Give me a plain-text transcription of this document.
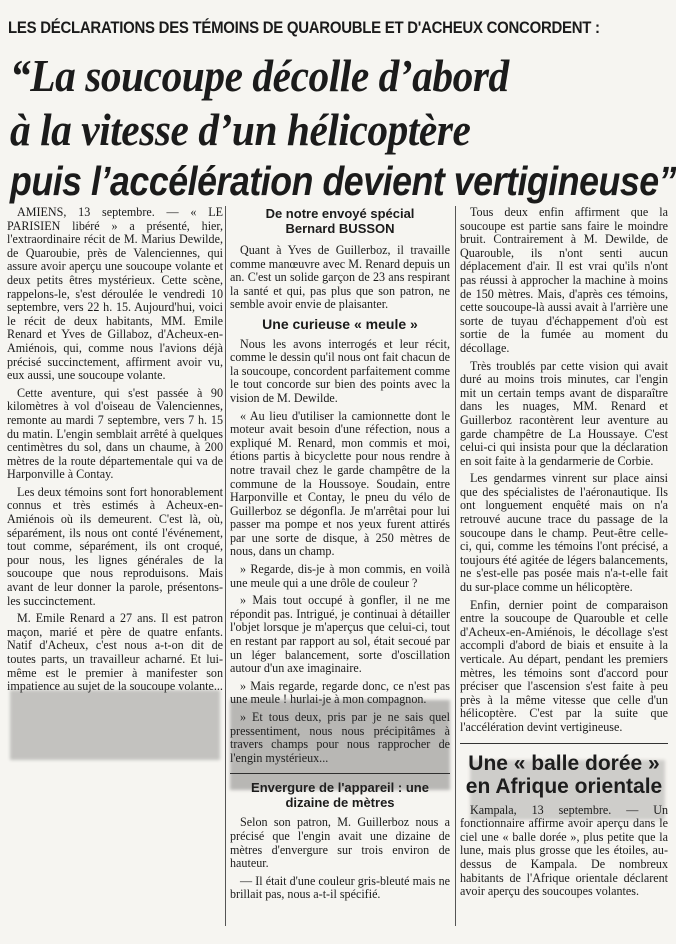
LES DÉCLARATIONS DES TÉMOINS DE QUAROUBLE ET D'ACHEUX CONCORDENT :
“La soucoupe décolle d’abord
à la vitesse d’un hélicoptère
puis l’accélération devient vertigineuse”

AMIENS, 13 septembre. — « LE PARISIEN libéré » a présenté, hier, l'extraordinaire récit de M. Marius Dewilde, de Quaroubie, près de Valenciennes, qui assure avoir aperçu une soucoupe volante et deux petits êtres mystérieux. Cette scène, rappelons-le, s'est déroulée le vendredi 10 septembre, vers 22 h. 15. Aujourd'hui, voici le récit de deux habitants, MM. Emile Renard et Yves de Gillaboz, d'Acheux-en-Amiénois, qui, comme nous l'avions déjà précisé succinctement, affirment avoir vu, eux aussi, une soucoupe volante.

Cette aventure, qui s'est passée à 90 kilomètres à vol d'oiseau de Valenciennes, remonte au mardi 7 septembre, vers 7 h. 15 du matin. L'engin semblait arrêté à quelques centimètres du sol, dans un chaume, à 200 mètres de la route départementale qui va de Harponville à Contay.

Les deux témoins sont fort honorablement connus et très estimés à Acheux-en-Amiénois où ils demeurent. C'est là, où, séparément, ils nous ont conté l'événement, tout comme, séparément, ils ont croqué, pour nous, les lignes générales de la soucoupe que nous reproduisons. Mais avant de leur donner la parole, présentons-les succinctement.

M. Emile Renard a 27 ans. Il est patron maçon, marié et père de quatre enfants. Natif d'Acheux, c'est nous a-t-on dit de toutes parts, un travailleur acharné. Et lui-même est le premier à manifester son impatience au sujet de la soucoupe volante...

De notre envoyé spécial
Bernard BUSSON

Quant à Yves de Guillerboz, il travaille comme manœuvre avec M. Renard depuis un an. C'est un solide garçon de 23 ans respirant la santé et qui, pas plus que son patron, ne semble avoir envie de plaisanter.

Une curieuse « meule »

Nous les avons interrogés et leur récit, comme le dessin qu'il nous ont fait chacun de la soucoupe, concordent parfaitement comme le tout concorde sur bien des points avec la vision de M. Dewilde.

« Au lieu d'utiliser la camionnette dont le moteur avait besoin d'une réfection, nous a expliqué M. Renard, mon commis et moi, étions partis à bicyclette pour nous rendre à notre travail chez le garde champêtre de la commune de la Houssoye. Soudain, entre Harponville et Contay, le pneu du vélo de Guillerboz se dégonfla. Je m'arrêtai pour lui passer ma pompe et nos yeux furent attirés par une sorte de disque, à 250 mètres de nous, dans un champ.

» Regarde, dis-je à mon commis, en voilà une meule qui a une drôle de couleur ?

» Mais tout occupé à gonfler, il ne me répondit pas. Intrigué, je continuai à détailler l'objet lorsque je m'aperçus que celui-ci, tout en restant par rapport au sol, était secoué par un léger balancement, sorte d'oscillation autour d'un axe imaginaire.

» Mais regarde, regarde donc, ce n'est pas

dizaine de mètres

Selon son patron, M. Guillerboz nous a précisé que l'engin avait une dizaine de mètres d'envergure sur trois environ de hauteur.

— Il était d'une couleur gris-bleuté mais ne brillait pas, nous a-t-il spécifié.

Tous deux enfin affirment que la soucoupe est partie sans faire le moindre bruit. Contrairement à M. Dewilde, de Quarouble, ils n'ont senti aucun déplacement d'air. Il est vrai qu'ils n'ont pas réussi à approcher la machine à moins de 150 mètres. Mais, d'après ces témoins, cette soucoupe-là aussi avait à l'arrière une sorte de tuyau d'échappement d'où est sortie de la fumée au moment du décollage.

Très troublés par cette vision qui avait duré au moins trois minutes, car l'engin mit un certain temps avant de disparaître dans les nuages, MM. Renard et Guillerboz racontèrent leur aventure au garde champêtre de La Houssaye. C'est celui-ci qui insista pour que la déclaration en soit faite à la gendarmerie de Corbie.

Les gendarmes vinrent sur place ainsi que des spécialistes de l'aéronautique. Ils ont longuement enquêté mais on n'a retrouvé aucune trace du passage de la soucoupe dans le champ. Peut-être celle-ci, qui, comme les témoins l'ont précisé, a toujours été agitée de légers balancements, ne s'est-elle pas posée mais n'a-t-elle fait du sur-place comme un hélicoptère.

Enfin, dernier point de comparaison entre la soucoupe de Quarouble et celle d'Acheux-en-Amiénois, le décollage s'est accompli d'abord de biais et ensuite à la verticale. Au départ, pendant les premiers mètres, les témoins sont d'accord pour préciser que l'ascension s'est faite à peu près à la même vitesse que celle d'un hélicoptère. C'est par la suite que l'accélération devint vertigineuse.

Une « balle dorée » en Afrique orientale

Kampala, 13 septembre. — Un fonctionnaire affirme avoir aperçu dans le ciel une « balle dorée », plus petite que la lune, mais plus grosse que les étoiles, au-dessus de Kampala. De nombreux habitants de l'Afrique orientale déclarent avoir aperçu des soucoupes volantes.
